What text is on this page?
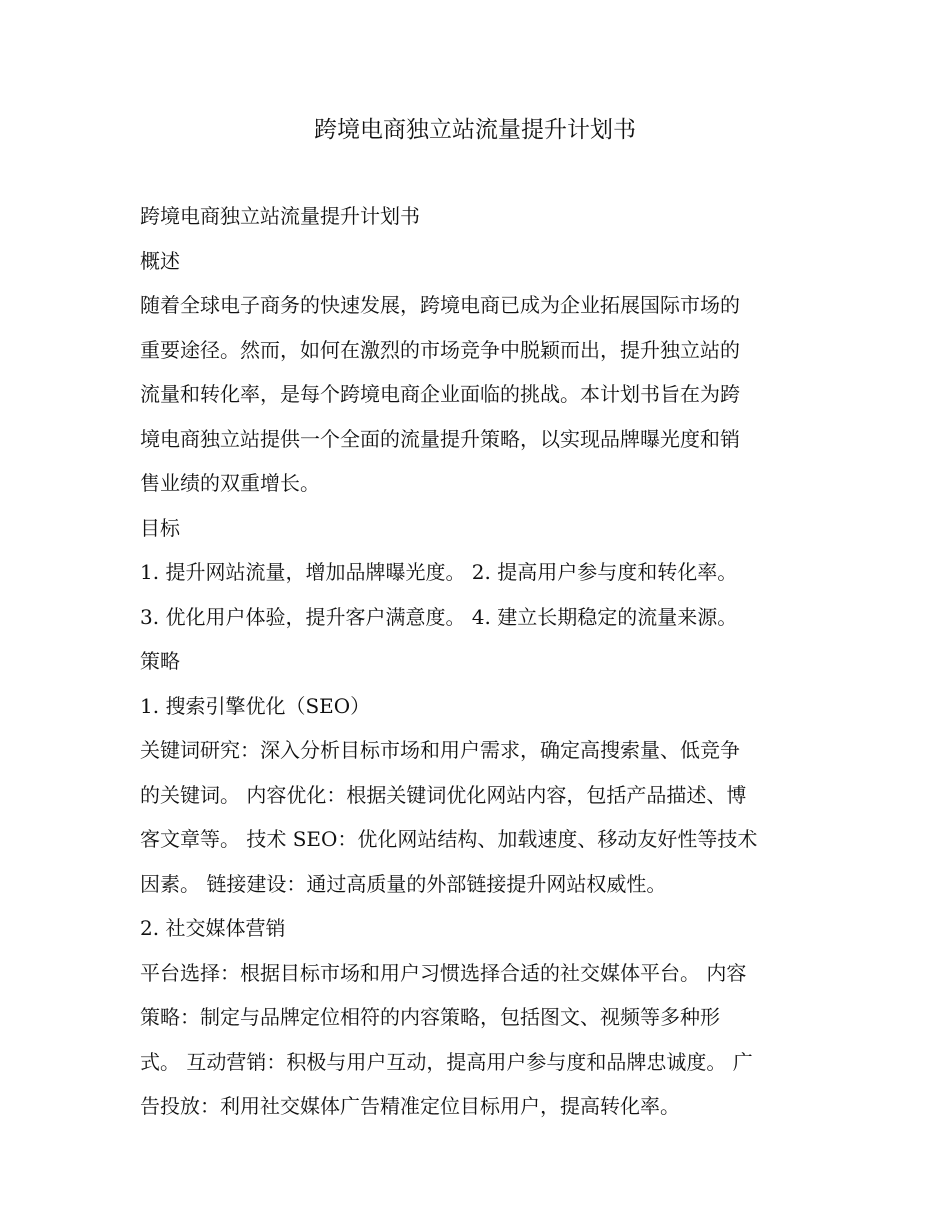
跨境电商独立站流量提升计划书
跨境电商独立站流量提升计划书
概述
随着全球电子商务的快速发展，跨境电商已成为企业拓展国际市场的
重要途径。然而，如何在激烈的市场竞争中脱颖而出，提升独立站的
流量和转化率，是每个跨境电商企业面临的挑战。本计划书旨在为跨
境电商独立站提供一个全面的流量提升策略，以实现品牌曝光度和销
售业绩的双重增长。
目标
1. 提升网站流量，增加品牌曝光度。 2. 提高用户参与度和转化率。
3. 优化用户体验，提升客户满意度。 4. 建立长期稳定的流量来源。
策略
1. 搜索引擎优化（SEO）
关键词研究：深入分析目标市场和用户需求，确定高搜索量、低竞争
的关键词。 内容优化：根据关键词优化网站内容，包括产品描述、博
客文章等。 技术 SEO：优化网站结构、加载速度、移动友好性等技术
因素。 链接建设：通过高质量的外部链接提升网站权威性。
2. 社交媒体营销
平台选择：根据目标市场和用户习惯选择合适的社交媒体平台。 内容
策略：制定与品牌定位相符的内容策略，包括图文、视频等多种形
式。 互动营销：积极与用户互动，提高用户参与度和品牌忠诚度。 广
告投放：利用社交媒体广告精准定位目标用户，提高转化率。
